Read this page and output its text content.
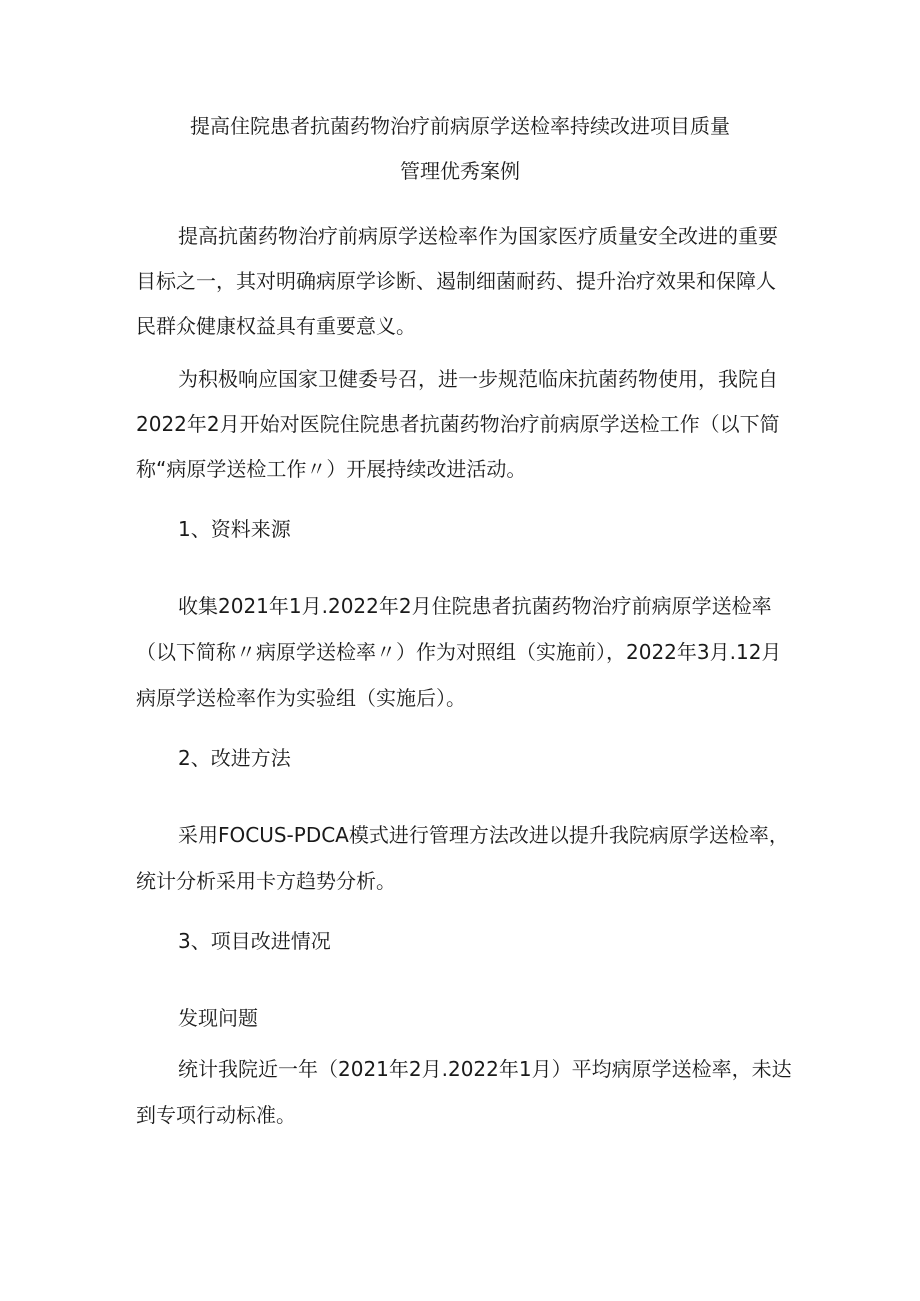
提高住院患者抗菌药物治疗前病原学送检率持续改进项目质量
管理优秀案例
提高抗菌药物治疗前病原学送检率作为国家医疗质量安全改进的重要
目标之一，其对明确病原学诊断、遏制细菌耐药、提升治疗效果和保障人
民群众健康权益具有重要意义。
为积极响应国家卫健委号召，进一步规范临床抗菌药物使用，我院自
2022年2月开始对医院住院患者抗菌药物治疗前病原学送检工作（以下简
称“病原学送检工作〃）开展持续改进活动。
1、资料来源
收集2021年1月.2022年2月住院患者抗菌药物治疗前病原学送检率
（以下简称〃病原学送检率〃）作为对照组（实施前），2022年3月.12月
病原学送检率作为实验组（实施后）。
2、改进方法
采用FOCUS-PDCA模式进行管理方法改进以提升我院病原学送检率，
统计分析采用卡方趋势分析。
3、项目改进情况
发现问题
统计我院近一年（2021年2月.2022年1月）平均病原学送检率，未达
到专项行动标准。
